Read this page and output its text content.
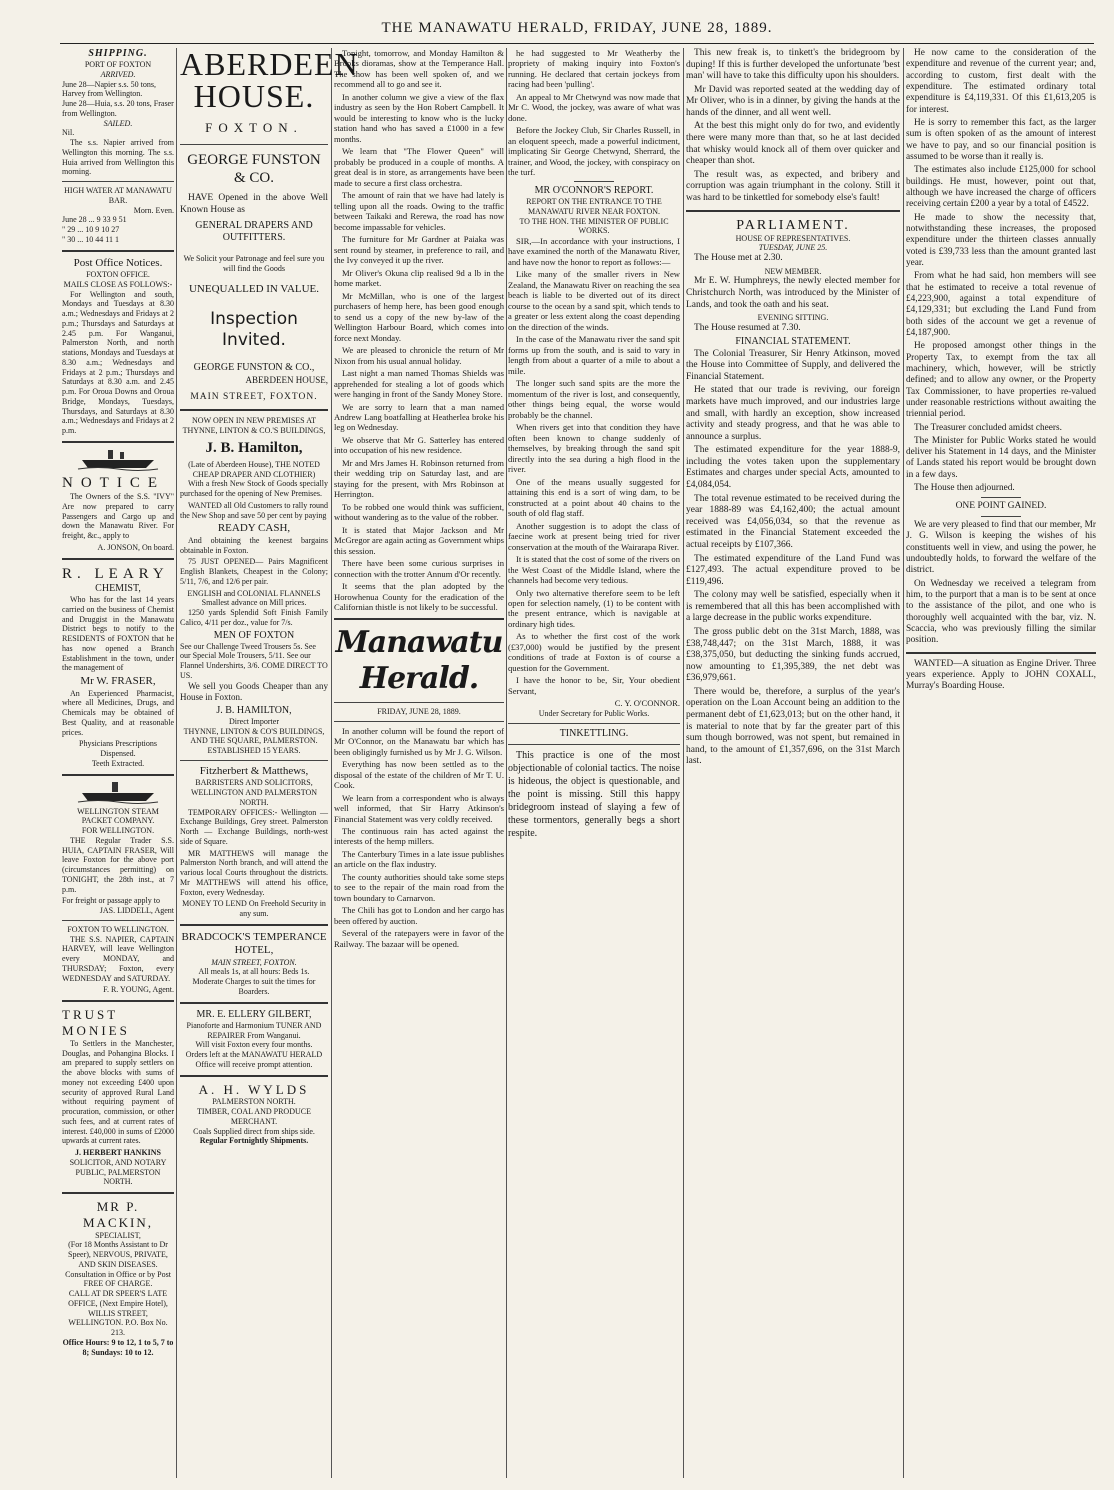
THE MANAWATU HERALD, FRIDAY, JUNE 28, 1889.
SHIPPING.
PORT OF FOXTON
ARRIVED.
June 28—Napier s.s. 50 tons, Harvey from Wellington.
June 28—Huia, s.s. 20 tons, Fraser from Wellington.
SAILED.
Nil.
The s.s. Napier arrived from Wellington this morning. The s.s. Huia arrived from Wellington this morning.
HIGH WATER AT MANAWATU BAR.
Morn. Even.
June 28 ... 9 33 9 51
" 29 ... 10 9 10 27
" 30 ... 10 44 11 1
Post Office Notices.
FOXTON OFFICE.
MAILS CLOSE AS FOLLOWS:-
For Wellington and south, Mondays and Tuesdays at 8.30 a.m.; Wednesdays and Fridays at 2 p.m.; Thursdays and Saturdays at 2.45 p.m. For Wanganui, Palmerston North, and north stations, Mondays and Tuesdays at 8.30 a.m.; Wednesdays and Fridays at 2 p.m.; Thursdays and Saturdays at 8.30 a.m. and 2.45 p.m. For Oroua Downs and Oroua Bridge, Mondays, Tuesdays, Thursdays, and Saturdays at 8.30 a.m.; Wednesdays and Fridays at 2 p.m.
NOTICE
The Owners of the S.S. "IVY" Are now prepared to carry Passengers and Cargo up and down the Manawatu River. For freight, &c., apply to
A. JONSON, On board.
R. LEARY
CHEMIST,
Who has for the last 14 years carried on the business of Chemist and Druggist in the Manawatu District begs to notify to the RESIDENTS of FOXTON that he has now opened a Branch Establishment in the town, under the management of
Mr W. FRASER,
An Experienced Pharmacist, where all Medicines, Drugs, and Chemicals may be obtained of Best Quality, and at reasonable prices.
Physicians Prescriptions Dispensed.
Teeth Extracted.
WELLINGTON STEAM PACKET COMPANY.
FOR WELLINGTON.
THE Regular Trader S.S. HUIA, CAPTAIN FRASER, Will leave Foxton for the above port (circumstances permitting) on TONIGHT, the 28th inst., at 7 p.m.
For freight or passage apply to
JAS. LIDDELL, Agent
FOXTON TO WELLINGTON.
THE S.S. NAPIER, CAPTAIN HARVEY, will leave Wellington every MONDAY, and THURSDAY; Foxton, every WEDNESDAY and SATURDAY.
F. R. YOUNG, Agent.
TRUST MONIES
To Settlers in the Manchester, Douglas, and Pohangina Blocks. I am prepared to supply settlers on the above blocks with sums of money not exceeding £400 upon security of approved Rural Land without requiring payment of procuration, commission, or other such fees, and at current rates of interest. £40,000 in sums of £2000 upwards at current rates.
J. HERBERT HANKINS
SOLICITOR, AND NOTARY PUBLIC, PALMERSTON NORTH.
MR P. MACKIN,
SPECIALIST,
(For 18 Months Assistant to Dr Speer), NERVOUS, PRIVATE, AND SKIN DISEASES.
Consultation in Office or by Post FREE OF CHARGE.
CALL AT DR SPEER'S LATE OFFICE, (Next Empire Hotel), WILLIS STREET, WELLINGTON. P.O. Box No. 213.
Office Hours: 9 to 12, 1 to 5, 7 to 8; Sundays: 10 to 12.
ABERDEEN HOUSE.
FOXTON.
GEORGE FUNSTON & CO.
HAVE Opened in the above Well Known House as
GENERAL DRAPERS AND OUTFITTERS.
We Solicit your Patronage and feel sure you will find the Goods
UNEQUALLED IN VALUE.
Inspection Invited.
GEORGE FUNSTON & CO.,
ABERDEEN HOUSE,
MAIN STREET, FOXTON.
NOW OPEN IN NEW PREMISES AT THYNNE, LINTON & CO.'S BUILDINGS,
J. B. Hamilton,
(Late of Aberdeen House), THE NOTED CHEAP DRAPER AND CLOTHIER)
With a fresh New Stock of Goods specially purchased for the opening of New Premises.
WANTED all Old Customers to rally round the New Shop and save 50 per cent by paying
READY CASH,
And obtaining the keenest bargains obtainable in Foxton.
75 JUST OPENED— Pairs Magnificent English Blankets, Cheapest in the Colony; 5/11, 7/6, and 12/6 per pair.
ENGLISH and COLONIAL FLANNELS Smallest advance on Mill prices.
1250 yards Splendid Soft Finish Family Calico, 4/11 per doz., value for 7/s.
MEN OF FOXTON
See our Challenge Tweed Trousers 5s. See our Special Mole Trousers, 5/11. See our Flannel Undershirts, 3/6. COME DIRECT TO US.
We sell you Goods Cheaper than any House in Foxton.
J. B. HAMILTON,
Direct Importer
THYNNE, LINTON & CO'S BUILDINGS, AND THE SQUARE, PALMERSTON.
ESTABLISHED 15 YEARS.
Fitzherbert & Matthews,
BARRISTERS AND SOLICITORS, WELLINGTON AND PALMERSTON NORTH.
TEMPORARY OFFICES:- Wellington — Exchange Buildings, Grey street. Palmerston North — Exchange Buildings, north-west side of Square.
MR MATTHEWS will manage the Palmerston North branch, and will attend the various local Courts throughout the districts. Mr MATTHEWS will attend his office, Foxton, every Wednesday.
MONEY TO LEND On Freehold Security in any sum.
BRADCOCK'S TEMPERANCE HOTEL,
MAIN STREET, FOXTON.
All meals 1s, at all hours: Beds 1s.
Moderate Charges to suit the times for Boarders.
MR. E. ELLERY GILBERT,
Pianoforte and Harmonium TUNER AND REPAIRER From Wanganui.
Will visit Foxton every four months.
Orders left at the MANAWATU HERALD Office will receive prompt attention.
A. H. WYLDS
PALMERSTON NORTH.
TIMBER, COAL AND PRODUCE MERCHANT.
Coals Supplied direct from ships side.
Regular Fortnightly Shipments.
Tonight, tomorrow, and Monday Hamilton & Brooks dioramas, show at the Temperance Hall. The show has been well spoken of, and we recommend all to go and see it.
In another column we give a view of the flax industry as seen by the Hon Robert Campbell. It would be interesting to know who is the lucky station hand who has saved a £1000 in a few months.
We learn that "The Flower Queen" will probably be produced in a couple of months. A great deal is in store, as arrangements have been made to secure a first class orchestra.
The amount of rain that we have had lately is telling upon all the roads. Owing to the traffic between Taikaki and Rerewa, the road has now become impassable for vehicles.
The furniture for Mr Gardner at Paiaka was sent round by steamer, in preference to rail, and the Ivy conveyed it up the river.
Mr Oliver's Okuna clip realised 9d a lb in the home market.
Mr McMillan, who is one of the largest purchasers of hemp here, has been good enough to send us a copy of the new by-law of the Wellington Harbour Board, which comes into force next Monday.
We are pleased to chronicle the return of Mr Nixon from his usual annual holiday.
Last night a man named Thomas Shields was apprehended for stealing a lot of goods which were hanging in front of the Sandy Money Store.
We are sorry to learn that a man named Andrew Lang boatfalling at Heatherlea broke his leg on Wednesday.
We observe that Mr G. Satterley has entered into occupation of his new residence.
Mr and Mrs James H. Robinson returned from their wedding trip on Saturday last, and are staying for the present, with Mrs Robinson at Herrington.
To be robbed one would think was sufficient, without wandering as to the value of the robber.
It is stated that Major Jackson and Mr McGregor are again acting as Government whips this session.
There have been some curious surprises in connection with the trotter Annum d'Or recently.
It seems that the plan adopted by the Horowhenua County for the eradication of the Californian thistle is not likely to be successful.
Manawatu Herald.
FRIDAY, JUNE 28, 1889.
In another column will be found the report of Mr O'Connor, on the Manawatu bar which has been obligingly furnished us by Mr J. G. Wilson.
Everything has now been settled as to the disposal of the estate of the children of Mr T. U. Cook.
We learn from a correspondent who is always well informed, that Sir Harry Atkinson's Financial Statement was very coldly received.
The continuous rain has acted against the interests of the hemp millers.
The Canterbury Times in a late issue publishes an article on the flax industry.
The county authorities should take some steps to see to the repair of the main road from the town boundary to Carnarvon.
The Chili has got to London and her cargo has been offered by auction.
Several of the ratepayers were in favor of the Railway. The bazaar will be opened.
he had suggested to Mr Weatherby the propriety of making inquiry into Foxton's running. He declared that certain jockeys from racing had been 'pulling'.
An appeal to Mr Chetwynd was now made that Mr C. Wood, the jockey, was aware of what was done.
Before the Jockey Club, Sir Charles Russell, in an eloquent speech, made a powerful indictment, implicating Sir George Chetwynd, Sherrard, the trainer, and Wood, the jockey, with conspiracy on the turf.
MR O'CONNOR'S REPORT.
REPORT ON THE ENTRANCE TO THE MANAWATU RIVER NEAR FOXTON.
TO THE HON. THE MINISTER OF PUBLIC WORKS.
SIR,—In accordance with your instructions, I have examined the north of the Manawatu River, and have now the honor to report as follows:—
Like many of the smaller rivers in New Zealand, the Manawatu River on reaching the sea beach is liable to be diverted out of its direct course to the ocean by a sand spit, which tends to a greater or less extent along the coast depending on the direction of the winds.
In the case of the Manawatu river the sand spit forms up from the south, and is said to vary in length from about a quarter of a mile to about a mile.
The longer such sand spits are the more the momentum of the river is lost, and consequently, other things being equal, the worse would probably be the channel.
When rivers get into that condition they have often been known to change suddenly of themselves, by breaking through the sand spit directly into the sea during a high flood in the river.
One of the means usually suggested for attaining this end is a sort of wing dam, to be constructed at a point about 40 chains to the south of old flag staff.
Another suggestion is to adopt the class of faecine work at present being tried for river conservation at the mouth of the Wairarapa River.
It is stated that the cost of some of the rivers on the West Coast of the Middle Island, where the channels had become very tedious.
Only two alternative therefore seem to be left open for selection namely, (1) to be content with the present entrance, which is navigable at ordinary high tides.
As to whether the first cost of the work (£37,000) would be justified by the present conditions of trade at Foxton is of course a question for the Government.
I have the honor to be, Sir, Your obedient Servant,
C. Y. O'CONNOR.
Under Secretary for Public Works.
TINKETTLING.
This practice is one of the most objectionable of colonial tactics. The noise is hideous, the object is questionable, and the point is missing. Still this happy bridegroom instead of slaying a few of these tormentors, generally begs a short respite.
This new freak is, to tinkett's the bridegroom by duping! If this is further developed the unfortunate 'best man' will have to take this difficulty upon his shoulders.
Mr David was reported seated at the wedding day of Mr Oliver, who is in a dinner, by giving the hands at the hands of the dinner, and all went well.
At the best this might only do for two, and evidently there were many more than that, so he at last decided that whisky would knock all of them over quicker and cheaper than shot.
The result was, as expected, and bribery and corruption was again triumphant in the colony. Still it was hard to be tinkettled for somebody else's fault!
PARLIAMENT.
HOUSE OF REPRESENTATIVES.
TUESDAY, JUNE 25.
The House met at 2.30.
NEW MEMBER.
Mr E. W. Humphreys, the newly elected member for Christchurch North, was introduced by the Minister of Lands, and took the oath and his seat.
EVENING SITTING.
The House resumed at 7.30.
FINANCIAL STATEMENT.
The Colonial Treasurer, Sir Henry Atkinson, moved the House into Committee of Supply, and delivered the Financial Statement.
He stated that our trade is reviving, our foreign markets have much improved, and our industries large and small, with hardly an exception, show increased activity and steady progress, and that he was able to announce a surplus.
The estimated expenditure for the year 1888-9, including the votes taken upon the supplementary Estimates and charges under special Acts, amounted to £4,084,054.
The total revenue estimated to be received during the year 1888-89 was £4,162,400; the actual amount received was £4,056,034, so that the revenue as estimated in the Financial Statement exceeded the actual receipts by £107,366.
The estimated expenditure of the Land Fund was £127,493. The actual expenditure proved to be £119,496.
The colony may well be satisfied, especially when it is remembered that all this has been accomplished with a large decrease in the public works expenditure.
The gross public debt on the 31st March, 1888, was £38,748,447; on the 31st March, 1888, it was £38,375,050, but deducting the sinking funds accrued, now amounting to £1,395,389, the net debt was £36,979,661.
There would be, therefore, a surplus of the year's operation on the Loan Account being an addition to the permanent debt of £1,623,013; but on the other hand, it is material to note that by far the greater part of this sum though borrowed, was not spent, but remained in hand, to the amount of £1,357,696, on the 31st March last.
He now came to the consideration of the expenditure and revenue of the current year; and, according to custom, first dealt with the expenditure. The estimated ordinary total expenditure is £4,119,331. Of this £1,613,205 is for interest.
He is sorry to remember this fact, as the larger sum is often spoken of as the amount of interest we have to pay, and so our financial position is assumed to be worse than it really is.
The estimates also include £125,000 for school buildings. He must, however, point out that, although we have increased the charge of officers receiving certain £200 a year by a total of £4522.
He made to show the necessity that, notwithstanding these increases, the proposed expenditure under the thirteen classes annually voted is £39,733 less than the amount granted last year.
From what he had said, hon members will see that he estimated to receive a total revenue of £4,223,900, against a total expenditure of £4,129,331; but excluding the Land Fund from both sides of the account we get a revenue of £4,187,900.
He proposed amongst other things in the Property Tax, to exempt from the tax all machinery, which, however, will be strictly defined; and to allow any owner, or the Property Tax Commissioner, to have properties re-valued under reasonable restrictions without awaiting the triennial period.
The Treasurer concluded amidst cheers.
The Minister for Public Works stated he would deliver his Statement in 14 days, and the Minister of Lands stated his report would be brought down in a few days.
The House then adjourned.
ONE POINT GAINED.
We are very pleased to find that our member, Mr J. G. Wilson is keeping the wishes of his constituents well in view, and using the power, he undoubtedly holds, to forward the welfare of the district.
On Wednesday we received a telegram from him, to the purport that a man is to be sent at once to the assistance of the pilot, and one who is thoroughly well acquainted with the bar, viz. N. Scaccia, who was previously filling the similar position.
WANTED—A situation as Engine Driver. Three years experience. Apply to JOHN COXALL, Murray's Boarding House.
